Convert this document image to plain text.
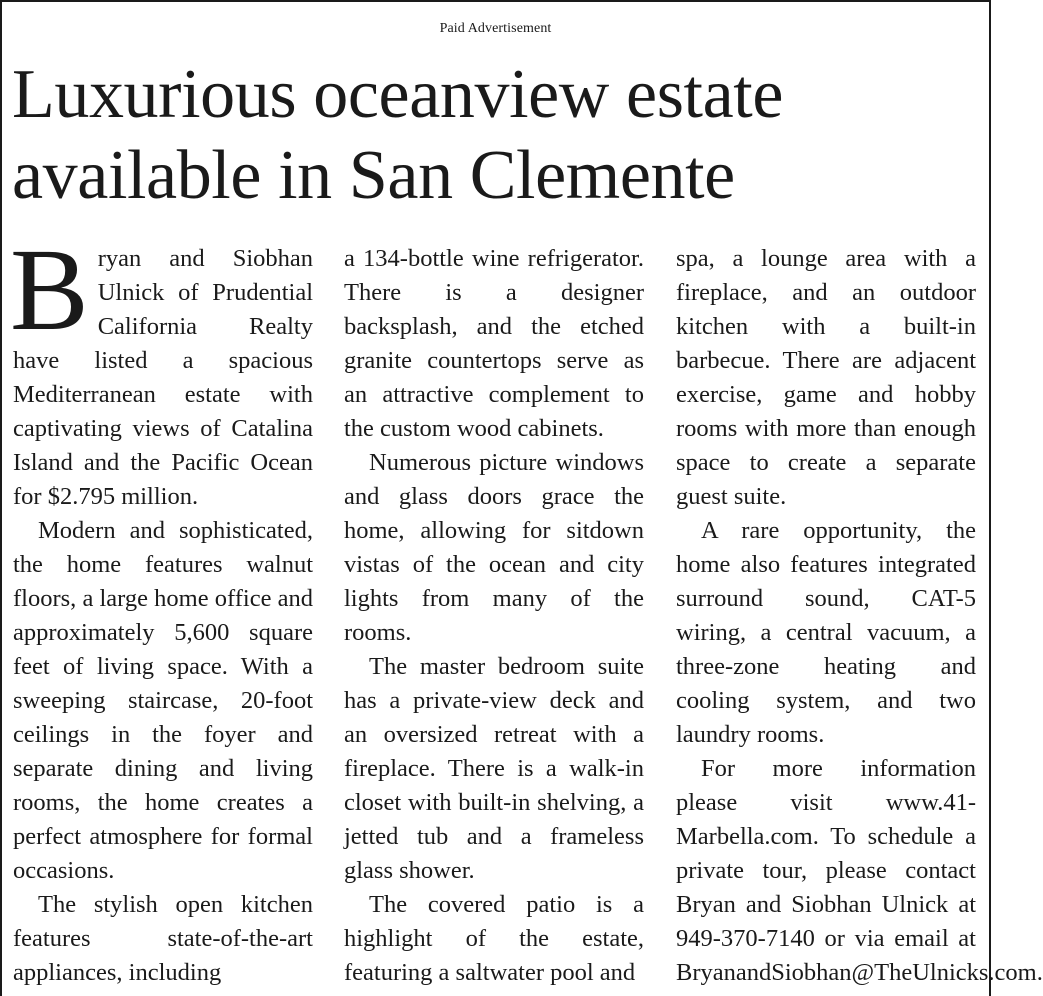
Paid Advertisement
Luxurious oceanview estate
available in San Clemente

Bryan and Siobhan Ulnick of Prudential California Realty have listed a spacious Mediterranean estate with captivating views of Catalina Island and the Pacific Ocean for $2.795 million.

Modern and sophisticated, the home features walnut floors, a large home office and approximately 5,600 square feet of living space. With a sweeping staircase, 20-foot ceilings in the foyer and separate dining and living rooms, the home creates a perfect atmosphere for formal occasions.

The stylish open kitchen features state-of-the-art appliances, including

a 134-bottle wine refrigerator. There is a designer backsplash, and the etched granite countertops serve as an attractive complement to the custom wood cabinets.

Numerous picture windows and glass doors grace the home, allowing for sitdown vistas of the ocean and city lights from many of the rooms.

The master bedroom suite has a private-view deck and an oversized retreat with a fireplace. There is a walk-in closet with built-in shelving, a jetted tub and a frameless glass shower.

The covered patio is a highlight of the estate, featuring a saltwater pool and

spa, a lounge area with a fireplace, and an outdoor kitchen with a built-in barbecue. There are adjacent exercise, game and hobby rooms with more than enough space to create a separate guest suite.

A rare opportunity, the home also features integrated surround sound, CAT-5 wiring, a central vacuum, a three-zone heating and cooling system, and two laundry rooms.

For more information please visit www.41-Marbella.com. To schedule a private tour, please contact Bryan and Siobhan Ulnick at 949-370-7140 or via email at BryanandSiobhan@TheUlnicks.com.
